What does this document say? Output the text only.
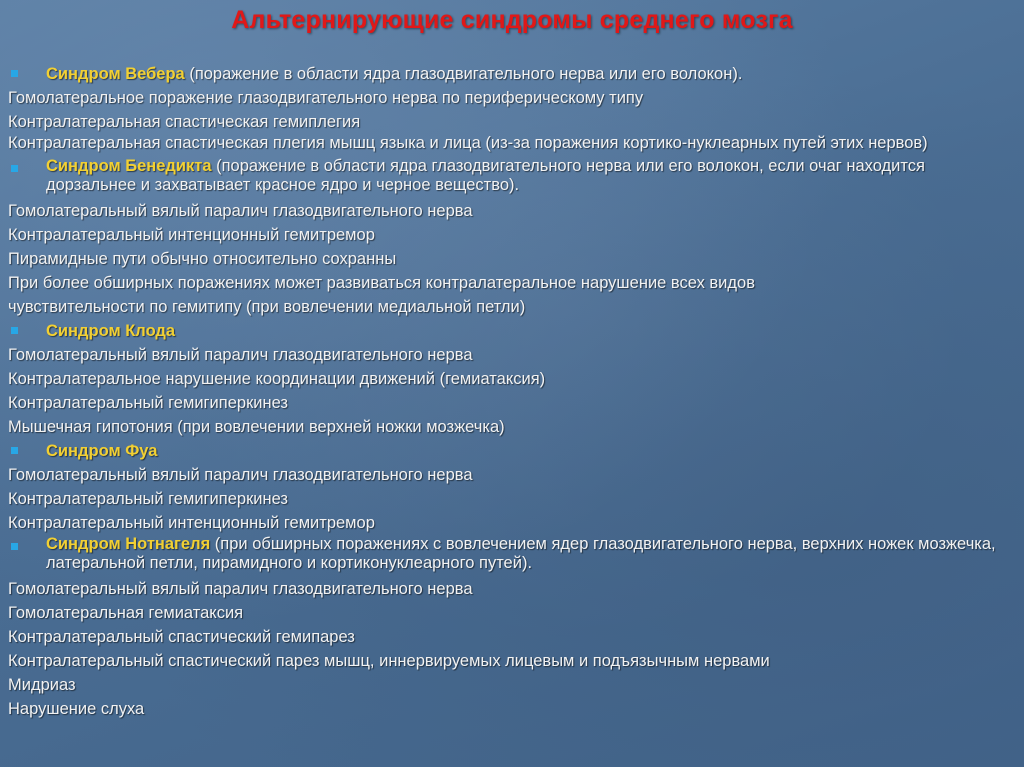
Альтернирующие синдромы среднего мозга
Синдром Вебера (поражение в области ядра глазодвигательного нерва или его волокон).
Гомолатеральное поражение глазодвигательного нерва по периферическому типу
Контралатеральная спастическая гемиплегия
Контралатеральная спастическая плегия мышц языка и лица (из-за поражения кортико-нуклеарных путей этих нервов)
Синдром Бенедикта (поражение в области ядра глазодвигательного нерва или его волокон, если очаг находится дорзальнее и захватывает красное ядро и черное вещество).
Гомолатеральный вялый паралич глазодвигательного нерва
Контралатеральный интенционный гемитремор
Пирамидные пути обычно относительно сохранны
При более обширных поражениях может развиваться контралатеральное нарушение всех видов
чувствительности по гемитипу (при вовлечении медиальной петли)
Синдром Клода
Гомолатеральный вялый паралич глазодвигательного нерва
Контралатеральное нарушение координации движений (гемиатаксия)
Контралатеральный гемигиперкинез
Мышечная гипотония (при вовлечении верхней ножки мозжечка)
Синдром Фуа
Гомолатеральный вялый паралич глазодвигательного нерва
Контралатеральный гемигиперкинез
Контралатеральный интенционный гемитремор
Синдром Нотнагеля (при обширных поражениях с вовлечением ядер глазодвигательного нерва, верхних ножек мозжечка, латеральной петли, пирамидного и кортиконуклеарного путей).
Гомолатеральный вялый паралич глазодвигательного нерва
Гомолатеральная гемиатаксия
Контралатеральный спастический гемипарез
Контралатеральный спастический парез мышц, иннервируемых лицевым и подъязычным нервами
Мидриаз
Нарушение слуха
